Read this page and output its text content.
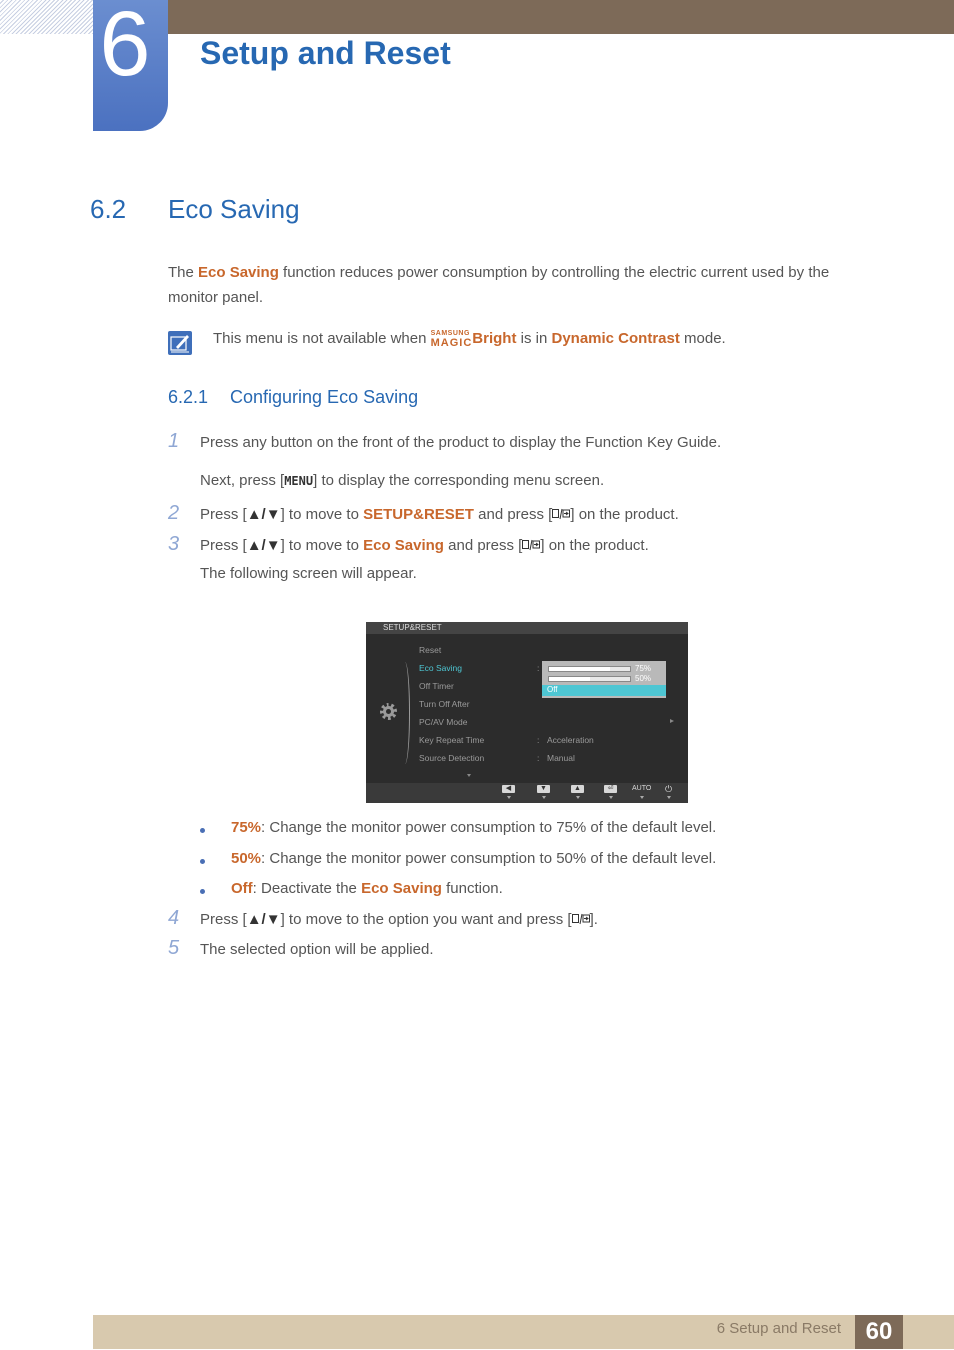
6 Setup and Reset
6.2 Eco Saving
The Eco Saving function reduces power consumption by controlling the electric current used by the
monitor panel.
This menu is not available when SAMSUNG
MAGIC Bright is in Dynamic Contrast mode.
6.2.1 Configuring Eco Saving
1 Press any button on the front of the product to display the Function Key Guide.
Next, press [MENU] to display the corresponding menu screen.
2 Press [▲/▼] to move to SETUP&RESET and press [ ] on the product.
3 Press [▲/▼] to move to Eco Saving and press [ ] on the product.
The following screen will appear.
SETUP&RESET
Reset
Eco Saving	:
Off Timer
Turn Off After
PC/AV Mode
Key Repeat Time	: Acceleration
Source Detection	: Manual
75%
50%
Off
◀	▼	▲	⏎	AUTO ⏻
75%: Change the monitor power consumption to 75% of the default level.
50%: Change the monitor power consumption to 50% of the default level.
Off: Deactivate the Eco Saving function.
4 Press [▲/▼] to move to the option you want and press [ ].
5 The selected option will be applied.
6 Setup and Reset	60
